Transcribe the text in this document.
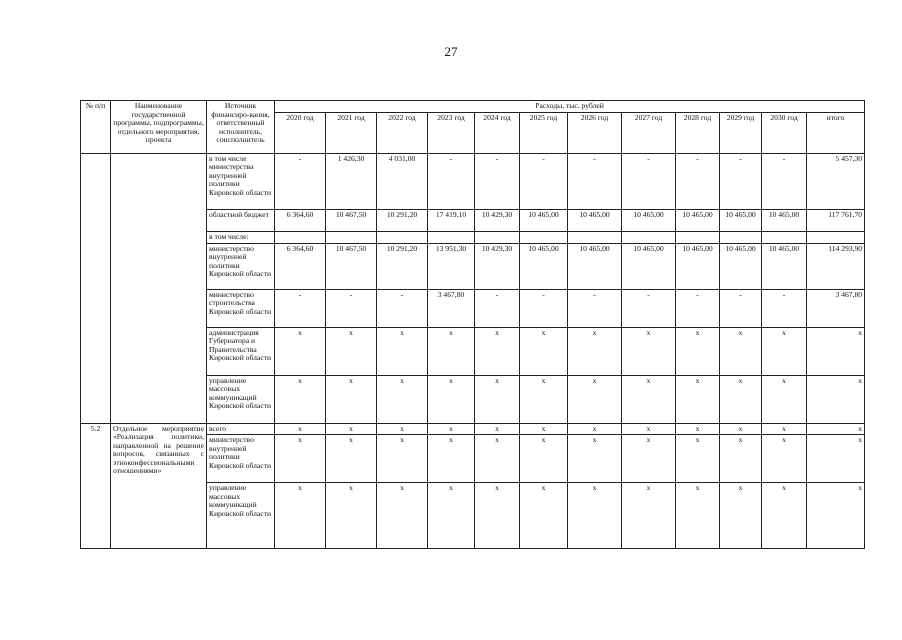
27
№ п/п	Наименование государственной программы, подпрограммы, отдельного мероприятия, проекта	Источник финансиро-вания, ответственный исполнитель, соисполнитель	Расходы, тыс. рублей											
			2020 год	2021 год	2022 год	2023 год	2024 год	2025 год	2026 год	2027 год	2028 год	2029 год	2030 год	итого
		в том числе министерства внутренней политики Кировской области	-	1 426,30	4 031,00	-	-	-	-	-	-	-	-	5 457,30
		областной бюджет	6 364,60	10 467,50	10 291,20	17 419,10	10 429,30	10 465,00	10 465,00	10 465,00	10 465,00	10 465,00	10 465,00	117 761,70
		в том числе:												
		министерство внутренней политики Кировской области	6 364,60	10 467,50	10 291,20	13 951,30	10 429,30	10 465,00	10 465,00	10 465,00	10 465,00	10 465,00	10 465,00	114 293,90
		министерство строительства Кировской области	-	-	-	3 467,80	-	-	-	-	-	-	-	3 467,80
		администрация Губернатора и Правительства Кировской области	x	x	x	x	x	x	x	x	x	x	x	x
		управление массовых коммуникаций Кировской области	x	x	x	x	x	x	x	x	x	x	x	x
5.2	Отдельное мероприятие «Реализация политики, направленной на решение вопросов, связанных с этноконфессиональными отношениями»	всего	x	x	x	x	x	x	x	x	x	x	x	x
		министерство внутренней политики Кировской области	x	x	x	x	x	x	x	x	x	x	x	x
		управление массовых коммуникаций Кировской области	x	x	x	x	x	x	x	x	x	x	x	x
